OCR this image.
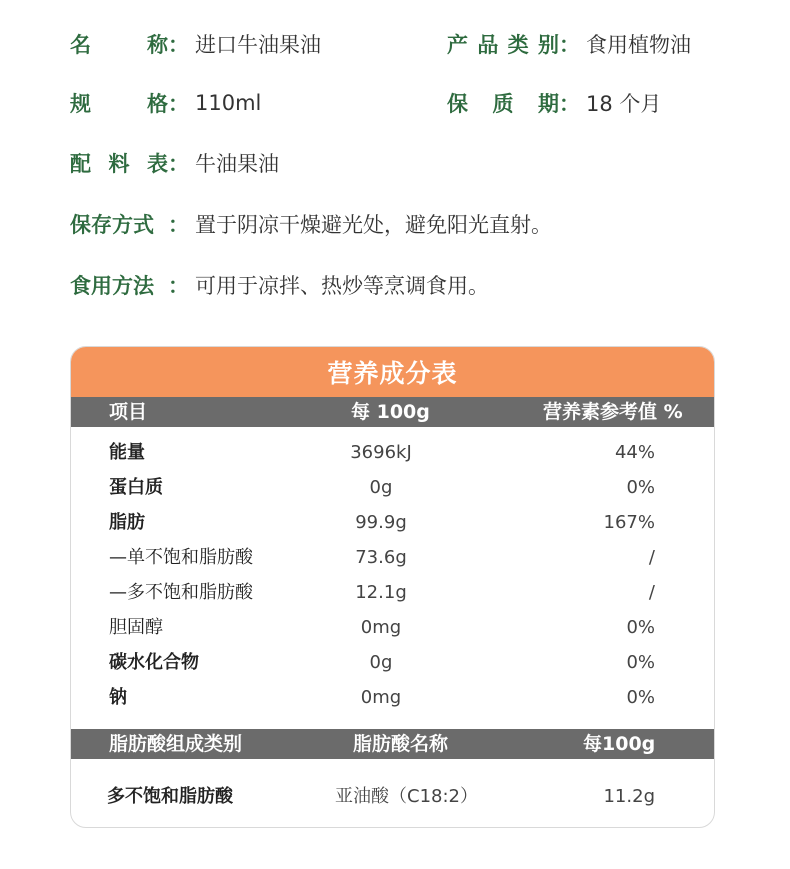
名	称 ： 进口牛油果油	产 品 类 别 ： 食用植物油
规	格 ： 110ml	保 质 期 ： 18 个月
配 料 表 ： 牛油果油
保存方式 ： 置于阴凉干燥避光处，避免阳光直射。
食用方法 ： 可用于凉拌、热炒等烹调食用。
营养成分表
项目	每 100g	营养素参考值 %
能量	3696kJ	44%
蛋白质	0g	0%
脂肪	99.9g	167%
—单不饱和脂肪酸	73.6g	/
—多不饱和脂肪酸	12.1g	/
胆固醇	0mg	0%
碳水化合物	0g	0%
钠	0mg	0%
脂肪酸组成类别	脂肪酸名称	每100g
多不饱和脂肪酸	亚油酸（C18:2）	11.2g
